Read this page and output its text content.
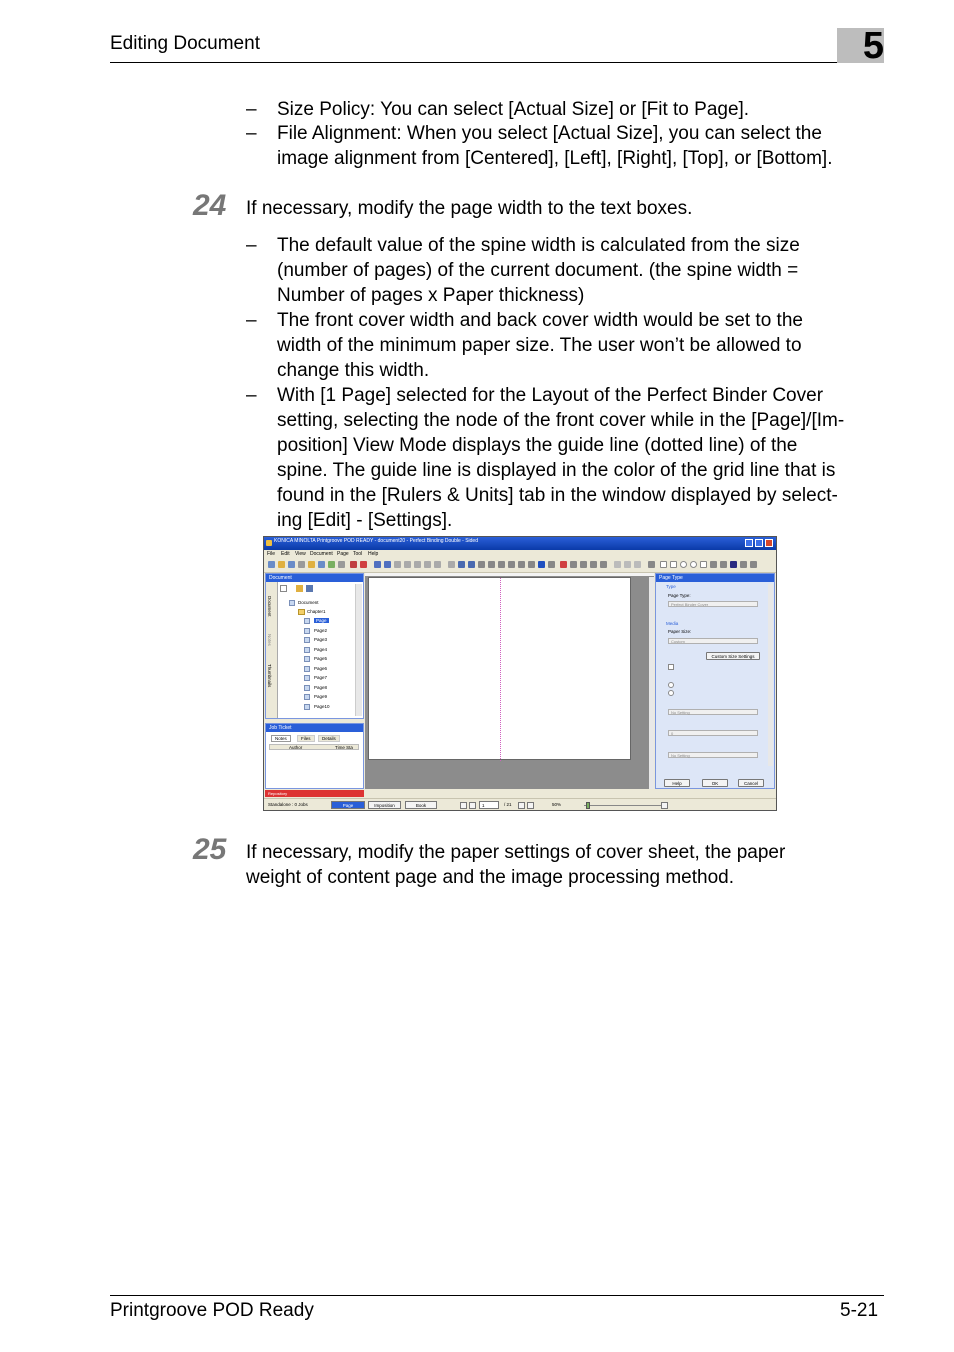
Editing Document	5
– Size Policy: You can select [Actual Size] or [Fit to Page].
– File Alignment: When you select [Actual Size], you can select the
image alignment from [Centered], [Left], [Right], [Top], or [Bottom].
24 If necessary, modify the page width to the text boxes.
– The default value of the spine width is calculated from the size
(number of pages) of the current document. (the spine width =
Number of pages x Paper thickness)
– The front cover width and back cover width would be set to the
width of the minimum paper size. The user won’t be allowed to
change this width.
– With [1 Page] selected for the Layout of the Perfect Binder Cover
setting, selecting the node of the front cover while in the [Page]/[Im-
position] View Mode displays the guide line (dotted line) of the
spine. The guide line is displayed in the color of the grid line that is
found in the [Rulers & Units] tab in the window displayed by select-
ing [Edit] - [Settings].
KONICA MINOLTA Printgroove POD READY - document20 - Perfect Binding Double - Sided
File Edit View Document Page Tool Help
Document
Document
Notes
Thumbnails
Document
Chapter1
Page
Page2
Page3
Page4
Page5
Page6
Page7
Page8
Page9
Page10
Job Ticket
Notes	Files	Details
Author	Time Sta
Repository
Page Type
Type
Page Type:
Perfect Binder Cover
Media
Paper Size:
Custom
Custom Size Settings
No Setting
0
No Setting
Help	OK	Cancel
Standalone : 0 Jobs	Page	Imposition	Book	1	/ 21	50%
25 If necessary, modify the paper settings of cover sheet, the paper
weight of content page and the image processing method.
Printgroove POD Ready	5-21
